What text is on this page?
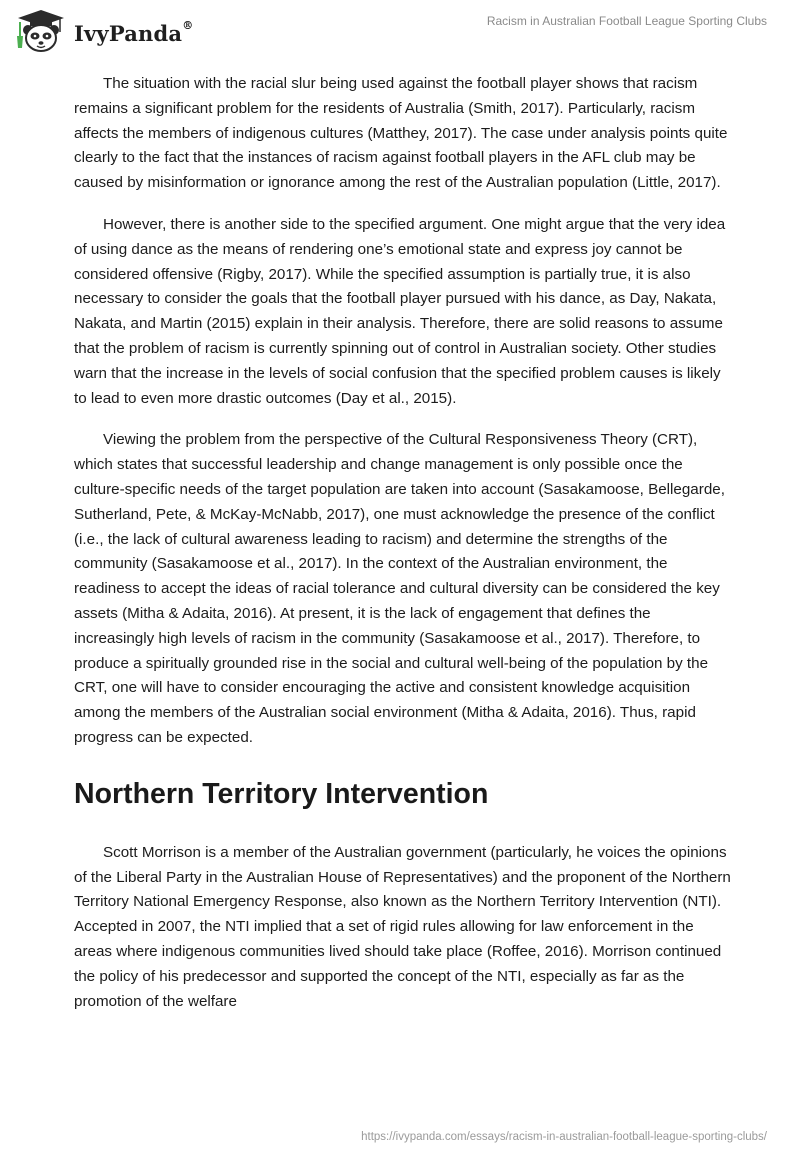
IvyPanda®	Racism in Australian Football League Sporting Clubs

The situation with the racial slur being used against the football player shows that racism remains a significant problem for the residents of Australia (Smith, 2017). Particularly, racism affects the members of indigenous cultures (Matthey, 2017). The case under analysis points quite clearly to the fact that the instances of racism against football players in the AFL club may be caused by misinformation or ignorance among the rest of the Australian population (Little, 2017).

However, there is another side to the specified argument. One might argue that the very idea of using dance as the means of rendering one’s emotional state and express joy cannot be considered offensive (Rigby, 2017). While the specified assumption is partially true, it is also necessary to consider the goals that the football player pursued with his dance, as Day, Nakata, Nakata, and Martin (2015) explain in their analysis. Therefore, there are solid reasons to assume that the problem of racism is currently spinning out of control in Australian society. Other studies warn that the increase in the levels of social confusion that the specified problem causes is likely to lead to even more drastic outcomes (Day et al., 2015).

Viewing the problem from the perspective of the Cultural Responsiveness Theory (CRT), which states that successful leadership and change management is only possible once the culture-specific needs of the target population are taken into account (Sasakamoose, Bellegarde, Sutherland, Pete, & McKay-McNabb, 2017), one must acknowledge the presence of the conflict (i.e., the lack of cultural awareness leading to racism) and determine the strengths of the community (Sasakamoose et al., 2017). In the context of the Australian environment, the readiness to accept the ideas of racial tolerance and cultural diversity can be considered the key assets (Mitha & Adaita, 2016). At present, it is the lack of engagement that defines the increasingly high levels of racism in the community (Sasakamoose et al., 2017). Therefore, to produce a spiritually grounded rise in the social and cultural well-being of the population by the CRT, one will have to consider encouraging the active and consistent knowledge acquisition among the members of the Australian social environment (Mitha & Adaita, 2016). Thus, rapid progress can be expected.

Northern Territory Intervention

Scott Morrison is a member of the Australian government (particularly, he voices the opinions of the Liberal Party in the Australian House of Representatives) and the proponent of the Northern Territory National Emergency Response, also known as the Northern Territory Intervention (NTI). Accepted in 2007, the NTI implied that a set of rigid rules allowing for law enforcement in the areas where indigenous communities lived should take place (Roffee, 2016). Morrison continued the policy of his predecessor and supported the concept of the NTI, especially as far as the promotion of the welfare

https://ivypanda.com/essays/racism-in-australian-football-league-sporting-clubs/
